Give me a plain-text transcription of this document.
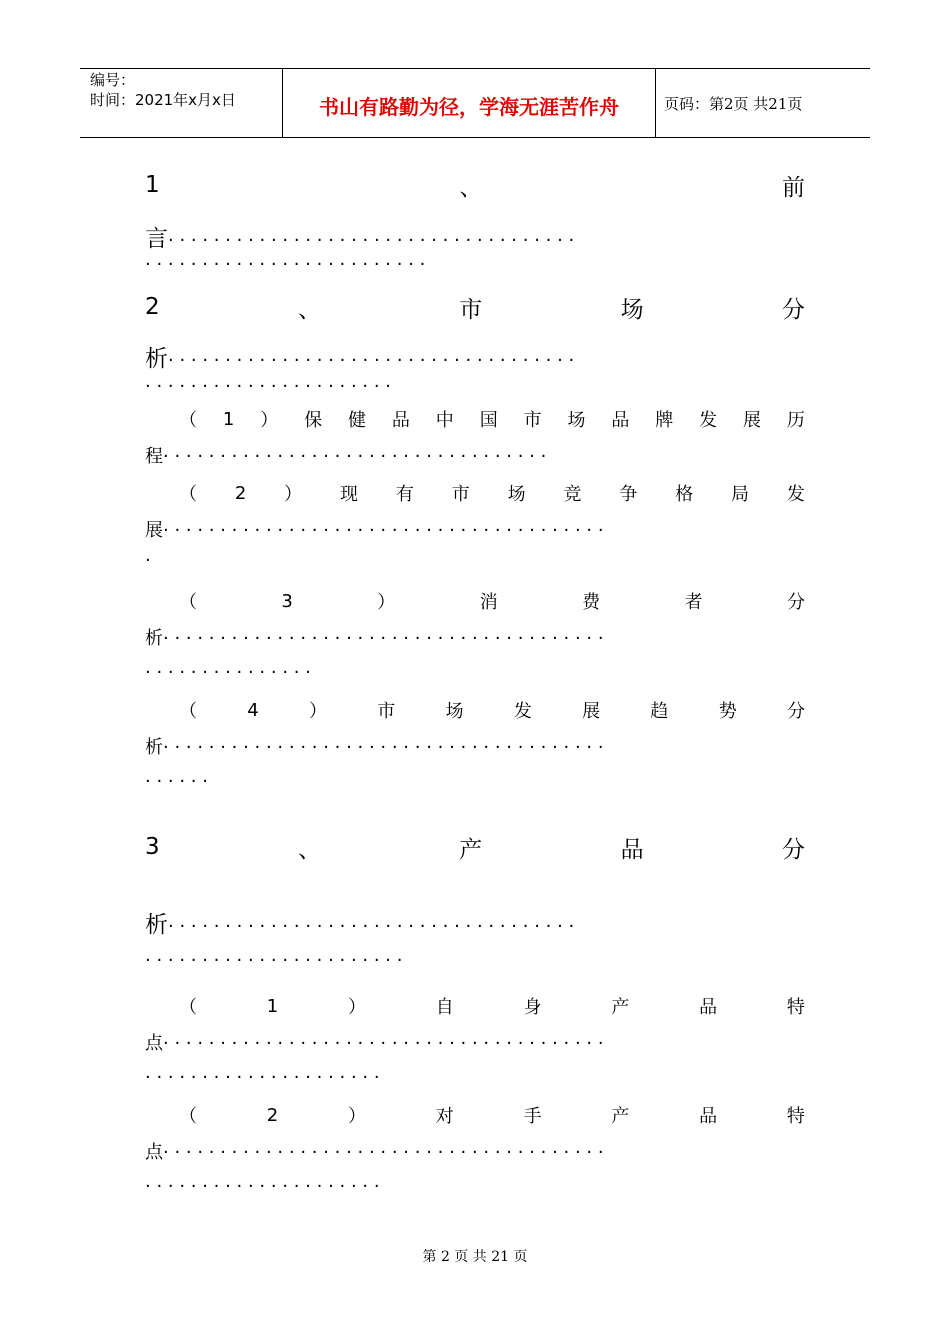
编号：
时间：2021年x月x日	书山有路勤为径，学海无涯苦作舟	页码：第2页 共21页
1	、	前
言· · · · · · · · · · · · · · · · · · · · · · · · · · · · · · · · · · · ·
· · · · · · · · · · · · · · · · · · · · · · · · ·
2	、	市	场	分
析· · · · · · · · · · · · · · · · · · · · · · · · · · · · · · · · · · · ·
· · · · · · · · · · · · · · · · · · · · · ·
（ 1 ） 保 健 品 中 国 市 场 品 牌 发 展 历
程· · · · · · · · · · · · · · · · · · · · · · · · · · · · · · · · · ·
（ 2 ） 现 有 市 场 竞 争 格 局 发
展· · · · · · · · · · · · · · · · · · · · · · · · · · · · · · · · · · · · · · ·
·
（	3	）	消	费	者	分
析· · · · · · · · · · · · · · · · · · · · · · · · · · · · · · · · · · · · · · ·
· · · · · · · · · · · · · · ·
（	4	）	市	场	发	展	趋	势	分
析· · · · · · · · · · · · · · · · · · · · · · · · · · · · · · · · · · · · · · ·
· · · · · ·
3	、	产	品	分
析· · · · · · · · · · · · · · · · · · · · · · · · · · · · · · · · · · · ·
· · · · · · · · · · · · · · · · · · · · · · ·
（	1	）	自	身	产	品	特
点· · · · · · · · · · · · · · · · · · · · · · · · · · · · · · · · · · · · · · ·
· · · · · · · · · · · · · · · · · · · · ·
（	2	）	对	手	产	品	特
点· · · · · · · · · · · · · · · · · · · · · · · · · · · · · · · · · · · · · · ·
· · · · · · · · · · · · · · · · · · · · ·
第 2 页 共 21 页
